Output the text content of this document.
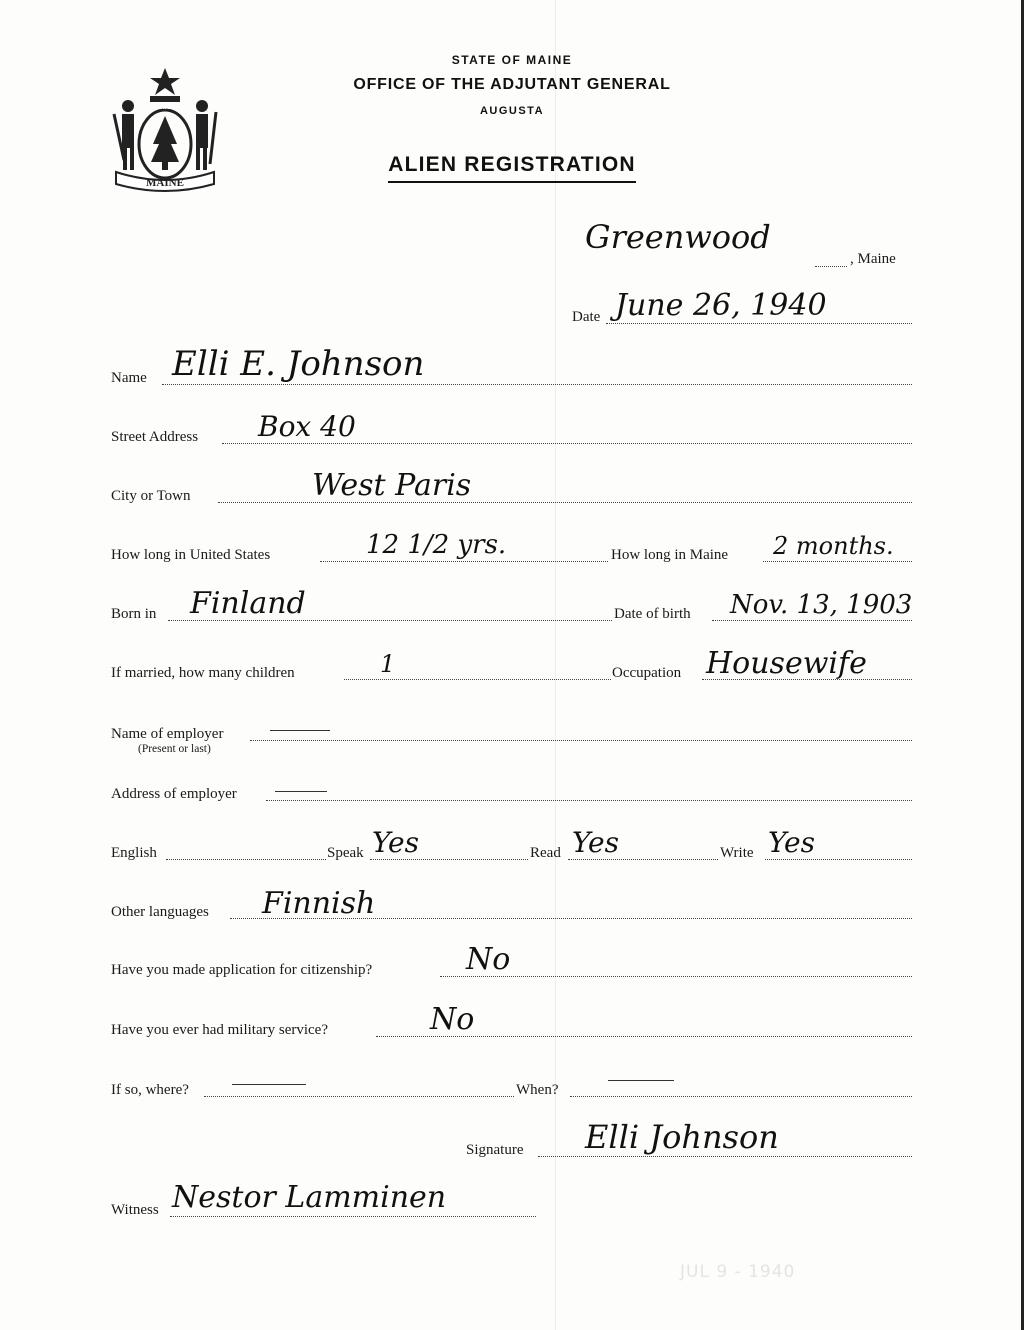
MAINE
DIRIGO
STATE OF MAINE
OFFICE OF THE ADJUTANT GENERAL
AUGUSTA
ALIEN REGISTRATION
Greenwood
, Maine
Date June 26, 1940
Name Elli E. Johnson
Street Address Box 40
City or Town	West Paris
How long in United States	12 1/2 yrs.	How long in Maine 2 months.
Born in Finland	Date of birth Nov. 13, 1903
If married, how many children	1	Occupation Housewife
Name of employer
(Present or last)
Address of employer
English	Speak Yes	Read Yes	Write Yes
Other languages Finnish
Have you made application for citizenship?	No
Have you ever had military service?	No
If so, where?	When?
Signature Elli Johnson
Witness Nestor Lamminen
JUL 9 - 1940
